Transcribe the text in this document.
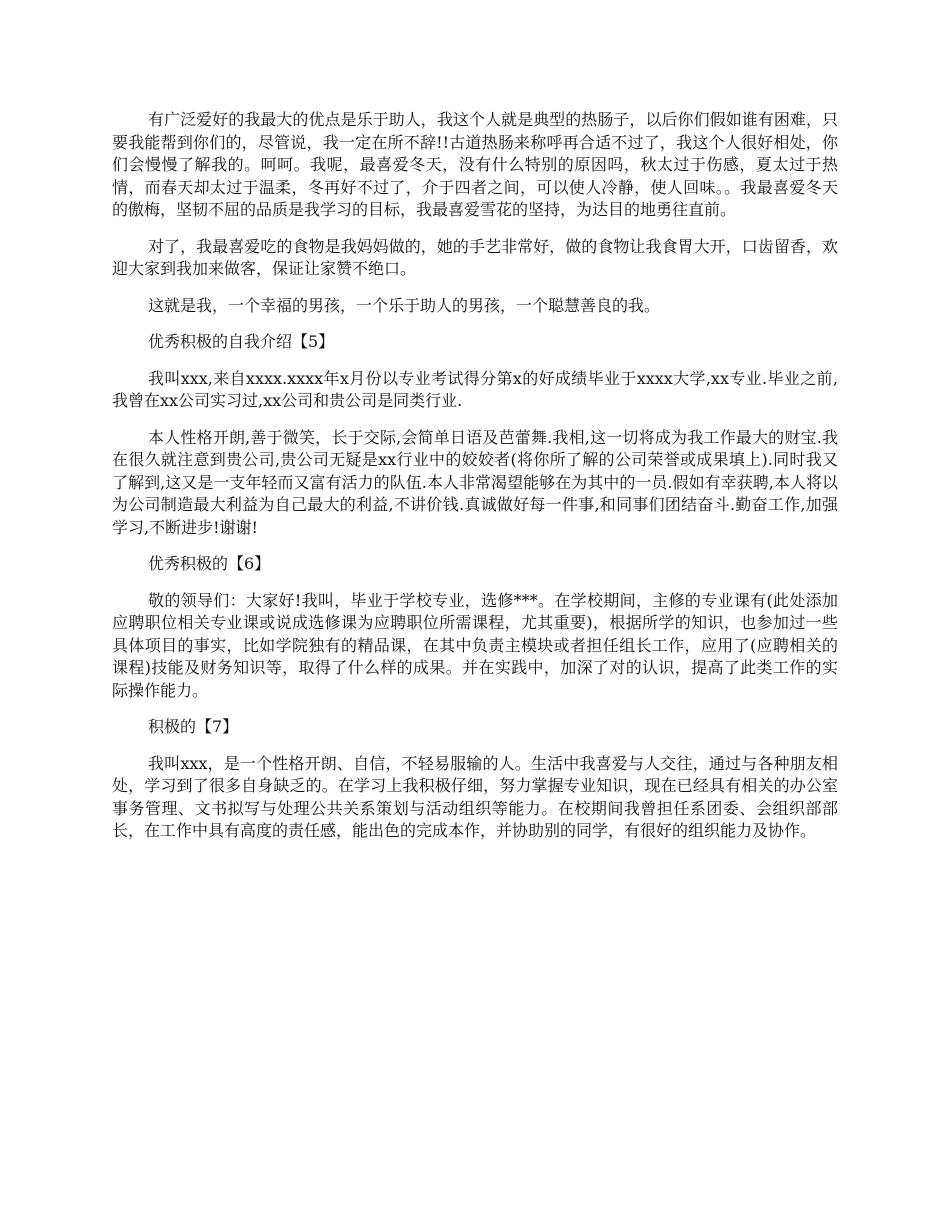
有广泛爱好的我最大的优点是乐于助人，我这个人就是典型的热肠子，以后你们假如谁有困难，只要我能帮到你们的，尽管说，我一定在所不辞!!古道热肠来称呼再合适不过了，我这个人很好相处，你们会慢慢了解我的。呵呵。我呢，最喜爱冬天，没有什么特别的原因吗，秋太过于伤感，夏太过于热情，而春天却太过于温柔，冬再好不过了，介于四者之间，可以使人冷静，使人回味。。我最喜爱冬天的傲梅，坚韧不屈的品质是我学习的目标，我最喜爱雪花的坚持，为达目的地勇往直前。

对了，我最喜爱吃的食物是我妈妈做的，她的手艺非常好，做的食物让我食胃大开，口齿留香，欢迎大家到我加来做客，保证让家赞不绝口。

这就是我，一个幸福的男孩，一个乐于助人的男孩，一个聪慧善良的我。

优秀积极的自我介绍【5】

我叫xxx,来自xxxx.xxxx年x月份以专业考试得分第x的好成绩毕业于xxxx大学,xx专业.毕业之前,我曾在xx公司实习过,xx公司和贵公司是同类行业.

本人性格开朗,善于微笑，长于交际,会简单日语及芭蕾舞.我相,这一切将成为我工作最大的财宝.我在很久就注意到贵公司,贵公司无疑是xx行业中的姣姣者(将你所了解的公司荣誉或成果填上).同时我又了解到,这又是一支年轻而又富有活力的队伍.本人非常渴望能够在为其中的一员.假如有幸获聘,本人将以为公司制造最大利益为自己最大的利益,不讲价钱.真诚做好每一件事,和同事们团结奋斗.勤奋工作,加强学习,不断进步!谢谢!

优秀积极的【6】

敬的领导们：大家好!我叫，毕业于学校专业，选修***。在学校期间，主修的专业课有(此处添加应聘职位相关专业课或说成选修课为应聘职位所需课程，尤其重要)，根据所学的知识，也参加过一些具体项目的事实，比如学院独有的精品课，在其中负责主模块或者担任组长工作，应用了(应聘相关的课程)技能及财务知识等，取得了什么样的成果。并在实践中，加深了对的认识，提高了此类工作的实际操作能力。

积极的【7】

我叫xxx，是一个性格开朗、自信，不轻易服输的人。生活中我喜爱与人交往，通过与各种朋友相处，学习到了很多自身缺乏的。在学习上我积极仔细，努力掌握专业知识，现在已经具有相关的办公室事务管理、文书拟写与处理公共关系策划与活动组织等能力。在校期间我曾担任系团委、会组织部部长，在工作中具有高度的责任感，能出色的完成本作，并协助别的同学，有很好的组织能力及协作。
